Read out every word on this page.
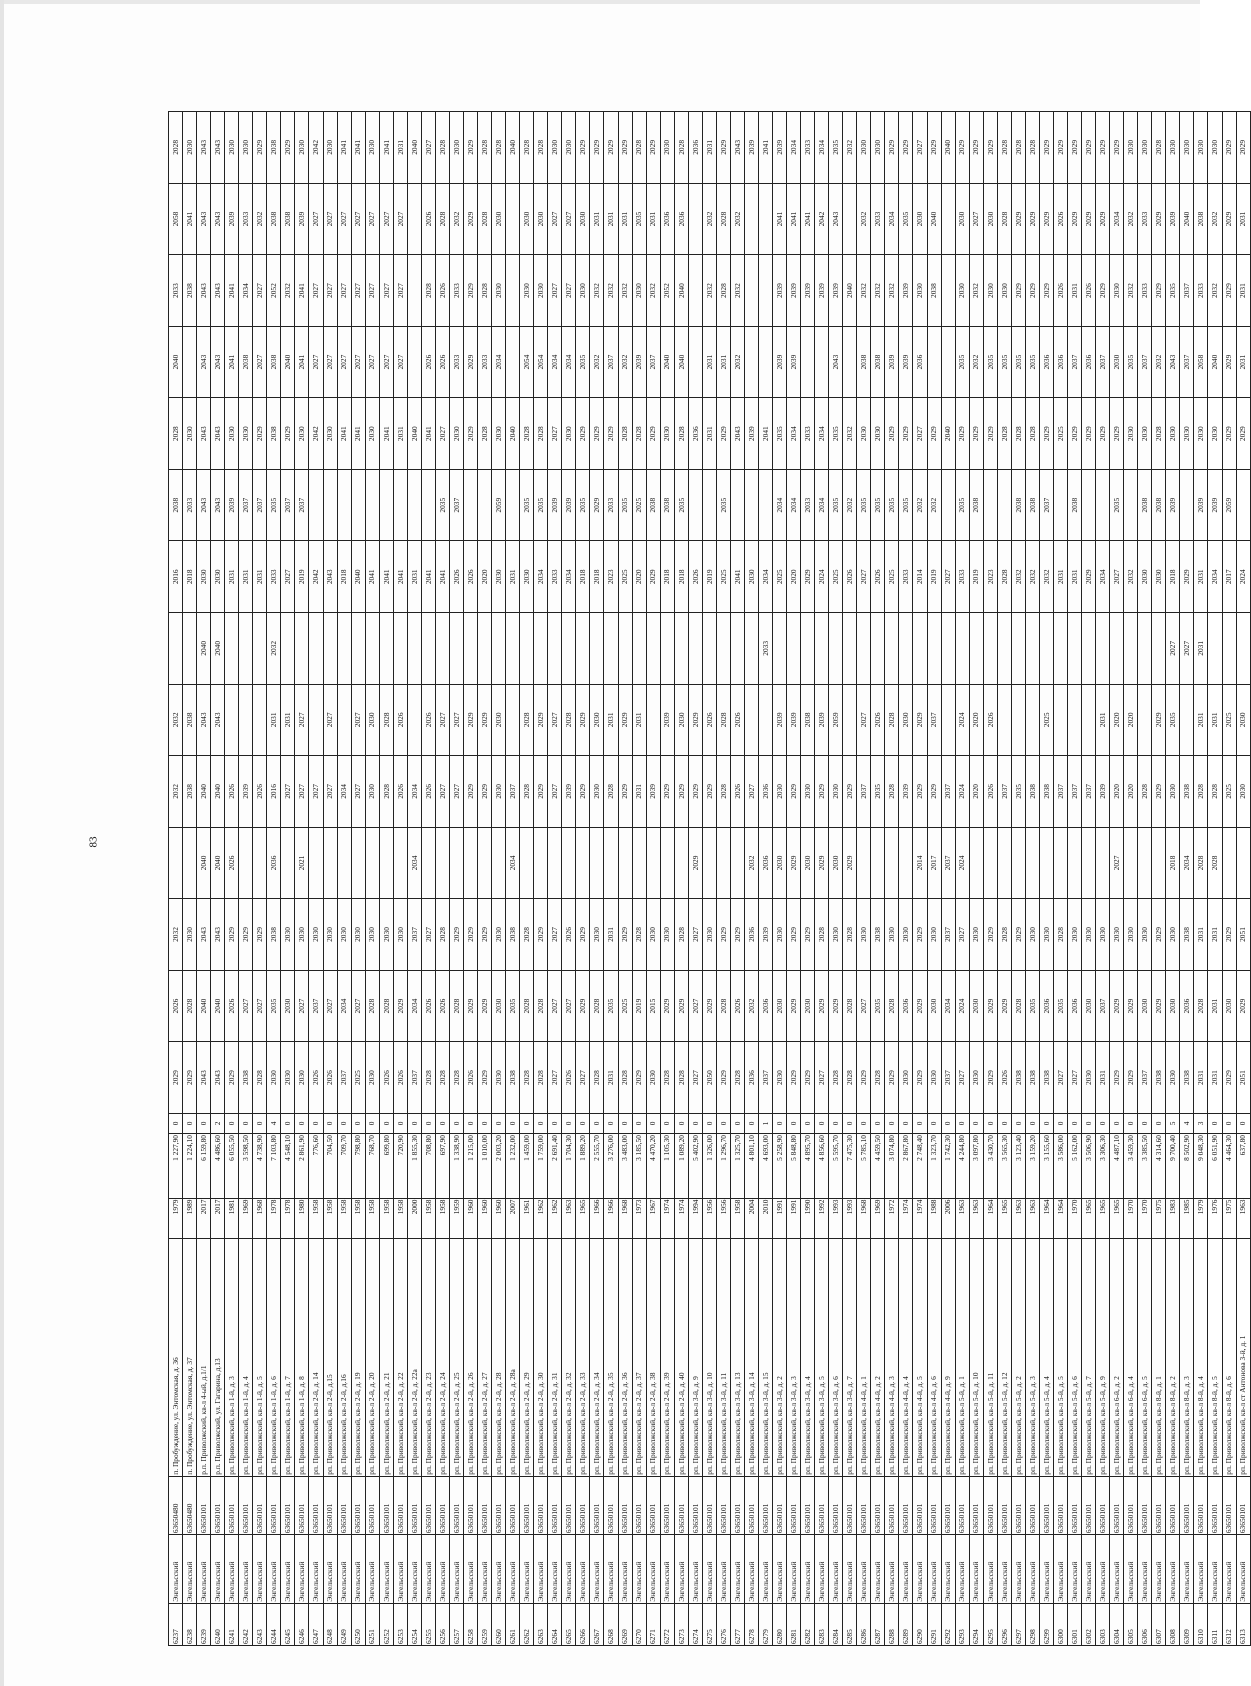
83
6237	Энгельсский	63650480	п. Пробуждение, ул. Энтомская, д. 36	1979	1 227,90	0	2029	2026	2032		2032	2032		2016	2038	2028	2040	2033	2058	2028
6238	Энгельсский	63650480	п. Пробуждение, ул. Энтомская, д. 37	1989	1 224,10	0	2029	2028	2030		2038	2038		2018	2033	2030		2038	2041	2030
6239	Энгельсский	63650101	р.п. Приволжский, кв-л 4-ый, д.1/1	2017	6 159,80	0	2043	2040	2043	2040	2040	2043	2040	2030	2043	2043	2043	2043	2043	2043
6240	Энгельсский	63650101	р.п. Приволжский, ул. Гагарина, д.13	2017	4 486,60	2	2043	2040	2043	2040	2040	2043	2040	2030	2043	2043	2043	2043	2043	2043
6241	Энгельсский	63650101	рп. Приволжский, кв-л 1-й, д. 3	1981	6 055,50	0	2029	2026	2029	2026	2026			2031	2039	2030	2041	2041	2039	2030
6242	Энгельсский	63650101	рп. Приволжский, кв-л 1-й, д. 4	1969	3 598,50	0	2038	2027	2029		2039			2031	2037	2030	2038	2034	2033	2030
6243	Энгельсский	63650101	рп. Приволжский, кв-л 1-й, д. 5	1968	4 738,90	0	2028	2027	2029		2026			2031	2037	2029	2027	2027	2032	2029
6244	Энгельсский	63650101	рп. Приволжский, кв-л 1-й, д. 6	1978	7 103,80	4	2030	2035	2038	2036	2016	2031	2032	2033	2035	2038	2038	2052	2038	2038
6245	Энгельсский	63650101	рп. Приволжский, кв-л 1-й, д. 7	1978	4 548,10	0	2030	2030	2030		2027	2031		2027	2037	2029	2040	2032	2038	2029
6246	Энгельсский	63650101	рп. Приволжский, кв-л 1-й, д. 8	1980	2 861,90	0	2030	2027	2030	2021	2027	2027		2019	2037	2030	2041	2041	2039	2030
6247	Энгельсский	63650101	рп. Приволжский, кв-л 2-й, д. 14	1958	776,60	0	2026	2037	2030		2027			2042		2042	2027	2027	2027	2042
6248	Энгельсский	63650101	рп. Приволжский, кв-л 2-й, д.15	1958	704,50	0	2026	2027	2030		2027	2027		2043		2030	2027	2027	2027	2030
6249	Энгельсский	63650101	рп. Приволжский, кв-л 2-й, д.16	1958	709,70	0	2037	2034	2030		2034			2018		2041	2027	2027	2027	2041
6250	Энгельсский	63650101	рп. Приволжский, кв-л 2-й, д. 19	1958	798,80	0	2025	2027	2030		2027	2027		2040		2041	2027	2027	2027	2041
6251	Энгельсский	63650101	рп. Приволжский, кв-л 2-й, д. 20	1958	768,70	0	2030	2028	2030		2030	2030		2041		2030	2027	2027	2027	2030
6252	Энгельсский	63650101	рп. Приволжский, кв-л 2-й, д. 21	1958	699,80	0	2026	2028	2030		2028	2028		2041		2041	2027	2027	2027	2041
6253	Энгельсский	63650101	рп. Приволжский, кв-л 2-й, д. 22	1958	720,90	0	2026	2029	2030		2026	2026		2041		2031	2027	2027	2027	2031
6254	Энгельсский	63650101	рп. Приволжский, кв-л 2-й, д. 22а	2000	1 855,30	0	2037	2034	2037	2034	2034			2031		2040				2040
6255	Энгельсский	63650101	рп. Приволжский, кв-л 2-й, д. 23	1958	708,80	0	2028	2026	2027		2026	2026		2041		2041	2026	2028	2026	2027
6256	Энгельсский	63650101	рп. Приволжский, кв-л 2-й, д. 24	1958	697,90	0	2028	2026	2028		2027	2027		2041	2035	2027	2026	2026	2028	2028
6257	Энгельсский	63650101	рп. Приволжский, кв-л 2-й, д. 25	1959	1 338,90	0	2028	2028	2029		2027	2027		2026	2037	2030	2033	2033	2032	2030
6258	Энгельсский	63650101	рп. Приволжский, кв-л 2-й, д. 26	1960	1 215,00	0	2026	2029	2029		2029	2029		2026		2029	2029	2029	2029	2029
6259	Энгельсский	63650101	рп. Приволжский, кв-л 2-й, д. 27	1960	1 010,00	0	2029	2029	2029		2029	2029		2020		2028	2033	2028	2028	2028
6260	Энгельсский	63650101	рп. Приволжский, кв-л 2-й, д. 28	1960	2 003,20	0	2030	2030	2030		2030	2030		2030	2059	2030	2034	2030	2030	2028
6261	Энгельсский	63650101	рп. Приволжский, кв-л 2-й, д. 28а	2007	1 232,00	0	2038	2035	2038	2034	2037			2031		2040				2040
6262	Энгельсский	63650101	рп. Приволжский, кв-л 2-й, д. 29	1961	1 459,00	0	2028	2028	2028		2028	2028		2030	2035	2028	2054	2030	2030	2028
6263	Энгельсский	63650101	рп. Приволжский, кв-л 2-й, д. 30	1962	1 759,00	0	2028	2028	2029		2029	2029		2034	2035	2028	2054	2030	2030	2028
6264	Энгельсский	63650101	рп. Приволжский, кв-л 2-й, д. 31	1962	2 691,40	0	2027	2027	2027		2027	2027		2033	2039	2027	2034	2027	2027	2030
6265	Энгельсский	63650101	рп. Приволжский, кв-л 2-й, д. 32	1963	1 704,30	0	2026	2027	2026		2039	2028		2034	2039	2030	2034	2027	2027	2030
6266	Энгельсский	63650101	рп. Приволжский, кв-л 2-й, д. 33	1965	1 889,20	0	2027	2029	2029		2029	2029		2018	2035	2029	2035	2030	2030	2029
6267	Энгельсский	63650101	рп. Приволжский, кв-л 2-й, д. 34	1966	2 555,70	0	2028	2028	2030		2030	2030		2018	2029	2029	2032	2032	2031	2029
6268	Энгельсский	63650101	рп. Приволжский, кв-л 2-й, д. 35	1966	3 276,00	0	2031	2035	2031		2028	2031		2023	2033	2029	2037	2032	2031	2029
6269	Энгельсский	63650101	рп. Приволжский, кв-л 2-й, д. 36	1968	3 483,00	0	2028	2025	2029		2029	2029		2025	2035	2028	2032	2032	2031	2029
6270	Энгельсский	63650101	рп. Приволжский, кв-л 2-й, д. 37	1973	3 185,50	0	2029	2019	2028		2031	2031		2020	2025	2028	2039	2030	2035	2028
6271	Энгельсский	63650101	рп. Приволжский, кв-л 2-й, д. 38	1967	4 470,20	0	2030	2015	2030		2039			2029	2038	2029	2037	2032	2031	2029
6272	Энгельсский	63650101	рп. Приволжский, кв-л 2-й, д. 39	1974	1 105,30	0	2028	2029	2030		2029	2039		2018	2038	2030	2040	2052	2036	2030
6273	Энгельсский	63650101	рп. Приволжский, кв-л 2-й, д. 40	1974	1 089,20	0	2028	2029	2028		2029	2030		2018	2035	2028	2040	2040	2036	2028
6274	Энгельсский	63650101	рп. Приволжский, кв-л 3-й, д. 9	1994	5 402,90	0	2027	2027	2027	2029	2029	2029		2026		2036				2036
6275	Энгельсский	63650101	рп. Приволжский, кв-л 3-й, д. 10	1956	1 326,00	0	2050	2029	2030		2029	2026		2019		2031	2031	2032	2032	2031
6276	Энгельсский	63650101	рп. Приволжский, кв-л 3-й, д. 11	1956	1 296,70	0	2029	2028	2029		2028	2028		2025	2035	2029	2031	2028	2028	2029
6277	Энгельсский	63650101	рп. Приволжский, кв-л 3-й, д. 13	1958	1 325,70	0	2028	2026	2029		2026	2026		2041		2043	2032	2032	2032	2043
6278	Энгельсский	63650101	рп. Приволжский, кв-л 3-й, д. 14	2004	4 801,10	0	2036	2032	2036	2032	2027			2030		2039				2039
6279	Энгельсский	63650101	рп. Приволжский, кв-л 3-й, д. 15	2010	4 693,00	1	2037	2036	2039	2036	2036		2033	2034		2041				2041
6280	Энгельсский	63650101	рп. Приволжский, кв-л 3-й, д. 2	1991	5 258,90	0	2030	2030	2030	2030	2030	2039		2025	2034	2035	2039	2039	2041	2039
6281	Энгельсский	63650101	рп. Приволжский, кв-л 3-й, д. 3	1991	5 848,80	0	2029	2029	2029	2029	2029	2039		2020	2034	2034	2039	2039	2041	2034
6282	Энгельсский	63650101	рп. Приволжский, кв-л 3-й, д. 4	1990	4 895,70	0	2029	2030	2029	2030	2030	2038		2029	2033	2033		2039	2041	2033
6283	Энгельсский	63650101	рп. Приволжский, кв-л 3-й, д. 5	1992	4 856,60	0	2027	2029	2028	2029	2029	2039		2024	2034	2034		2039	2042	2034
6284	Энгельсский	63650101	рп. Приволжский, кв-л 3-й, д. 6	1993	5 595,70	0	2028	2029	2030	2030	2030	2059		2025	2035	2035	2043	2039	2043	2035
6285	Энгельсский	63650101	рп. Приволжский, кв-л 3-й, д. 7	1993	7 475,30	0	2028	2028	2028	2029	2029			2026	2032	2032		2040		2032
6286	Энгельсский	63650101	рп. Приволжский, кв-л 4-й, д. 1	1968	5 785,10	0	2029	2027	2030		2037	2027		2027	2035	2030	2038	2032	2032	2030
6287	Энгельсский	63650101	рп. Приволжский, кв-л 4-й, д. 2	1969	4 459,50	0	2028	2035	2038		2035	2026		2026	2035	2030	2038	2032	2033	2030
6288	Энгельсский	63650101	рп. Приволжский, кв-л 4-й, д. 3	1972	3 074,80	0	2029	2028	2030		2028	2028		2025	2035	2029	2039	2032	2034	2029
6289	Энгельсский	63650101	рп. Приволжский, кв-л 4-й, д. 4	1974	2 867,80	0	2030	2036	2030		2039	2030		2033	2035	2029	2039	2039	2035	2029
6290	Энгельсский	63650101	рп. Приволжский, кв-л 4-й, д. 5	1974	2 748,40	0	2029	2029	2029	2014	2029	2029		2014	2032	2027	2036	2030	2030	2027
6291	Энгельсский	63650101	рп. Приволжский, кв-л 4-й, д. 6	1988	1 323,70	0	2030	2030	2030	2017	2029	2037		2019	2032	2029		2038	2040	2029
6292	Энгельсский	63650101	рп. Приволжский, кв-л 4-й, д. 9	2006	1 742,30	0	2037	2034	2037	2037	2037			2027		2040				2040
6293	Энгельсский	63650101	рп. Приволжский, кв-л 5-й, д. 1	1963	4 244,80	0	2027	2024	2027	2024	2024	2024		2033	2035	2029	2035	2030	2030	2029
6294	Энгельсский	63650101	рп. Приволжский, кв-л 5-й, д. 10	1963	3 097,80	0	2030	2030	2030		2020	2020		2019	2038	2029	2032	2032	2027	2029
6295	Энгельсский	63650101	рп. Приволжский, кв-л 5-й, д. 11	1964	3 430,70	0	2029	2029	2029		2026	2026		2023		2029	2035	2030	2030	2029
6296	Энгельсский	63650101	рп. Приволжский, кв-л 5-й, д. 12	1965	3 565,30	0	2026	2029	2028		2037			2028		2028	2035	2030	2028	2028
6297	Энгельсский	63650101	рп. Приволжский, кв-л 5-й, д. 2	1963	3 123,40	0	2038	2028	2029		2035			2032	2038	2028	2035	2029	2029	2028
6298	Энгельсский	63650101	рп. Приволжский, кв-л 5-й, д. 3	1963	3 159,20	0	2038	2035	2030		2038			2032	2038	2028	2035	2029	2029	2028
6299	Энгельсский	63650101	рп. Приволжский, кв-л 5-й, д. 4	1964	3 155,60	0	2038	2036	2030		2038	2025		2032	2037	2029	2036	2029	2029	2029
6300	Энгельсский	63650101	рп. Приволжский, кв-л 5-й, д. 5	1964	3 586,00	0	2027	2035	2028		2037			2031		2025	2036	2026	2026	2029
6301	Энгельсский	63650101	рп. Приволжский, кв-л 5-й, д. 6	1970	5 162,00	0	2027	2036	2030		2037			2031	2038	2029	2037	2031	2029	2029
6302	Энгельсский	63650101	рп. Приволжский, кв-л 5-й, д. 7	1965	3 506,90	0	2030	2030	2030		2037			2029		2029	2036	2026	2029	2029
6303	Энгельсский	63650101	рп. Приволжский, кв-л 5-й, д. 9	1965	3 306,30	0	2031	2037	2030		2039	2031		2034		2029	2037	2029	2029	2029
6304	Энгельсский	63650101	рп. Приволжский, кв-л 6-й, д. 2	1965	4 487,10	0	2029	2029	2030	2027	2020	2020		2027	2035	2029	2030	2030	2034	2029
6305	Энгельсский	63650101	рп. Приволжский, кв-л 6-й, д. 4	1970	3 459,30	0	2029	2029	2030		2020	2020		2032		2030	2035	2032	2032	2030
6306	Энгельсский	63650101	рп. Приволжский, кв-л 6-й, д. 5	1970	3 385,50	0	2037	2030	2030		2028			2030	2038	2030	2037	2033	2033	2030
6307	Энгельсский	63650101	рп. Приволжский, кв-л 8-й, д. 1	1975	4 314,60	0	2038	2029	2029		2029	2029		2030	2038	2028	2032	2029	2029	2028
6308	Энгельсский	63650101	рп. Приволжский, кв-л 8-й, д. 2	1983	9 700,40	5	2030	2030	2030	2018	2030	2035	2027	2018	2039	2030	2043	2035	2039	2030
6309	Энгельсский	63650101	рп. Приволжский, кв-л 8-й, д. 3	1985	8 502,90	4	2038	2036	2038	2034	2038		2027	2029		2030	2037	2037	2040	2030
6310	Энгельсский	63650101	рп. Приволжский, кв-л 8-й, д. 4	1979	9 048,30	3	2031	2028	2031	2028	2028	2031	2031	2031	2039	2030	2058	2033	2038	2030
6311	Энгельсский	63650101	рп. Приволжский, кв-л 8-й, д. 5	1976	6 051,90	0	2031	2031	2031	2028	2028	2031		2034	2039	2030	2040	2032	2032	2030
6312	Энгельсский	63650101	рп. Приволжский, кв-л 8-й, д. 6	1975	4 464,30	0	2029	2030	2029		2025	2025		2017	2059	2029	2029	2029	2029	2029
6313	Энгельсский	63650101	рп. Приволжский, кв-л ст Антонова 3-й, д. 1	1963	637,80	0	2051	2029	2051		2030	2030		2024		2029	2031	2031	2031	2029
